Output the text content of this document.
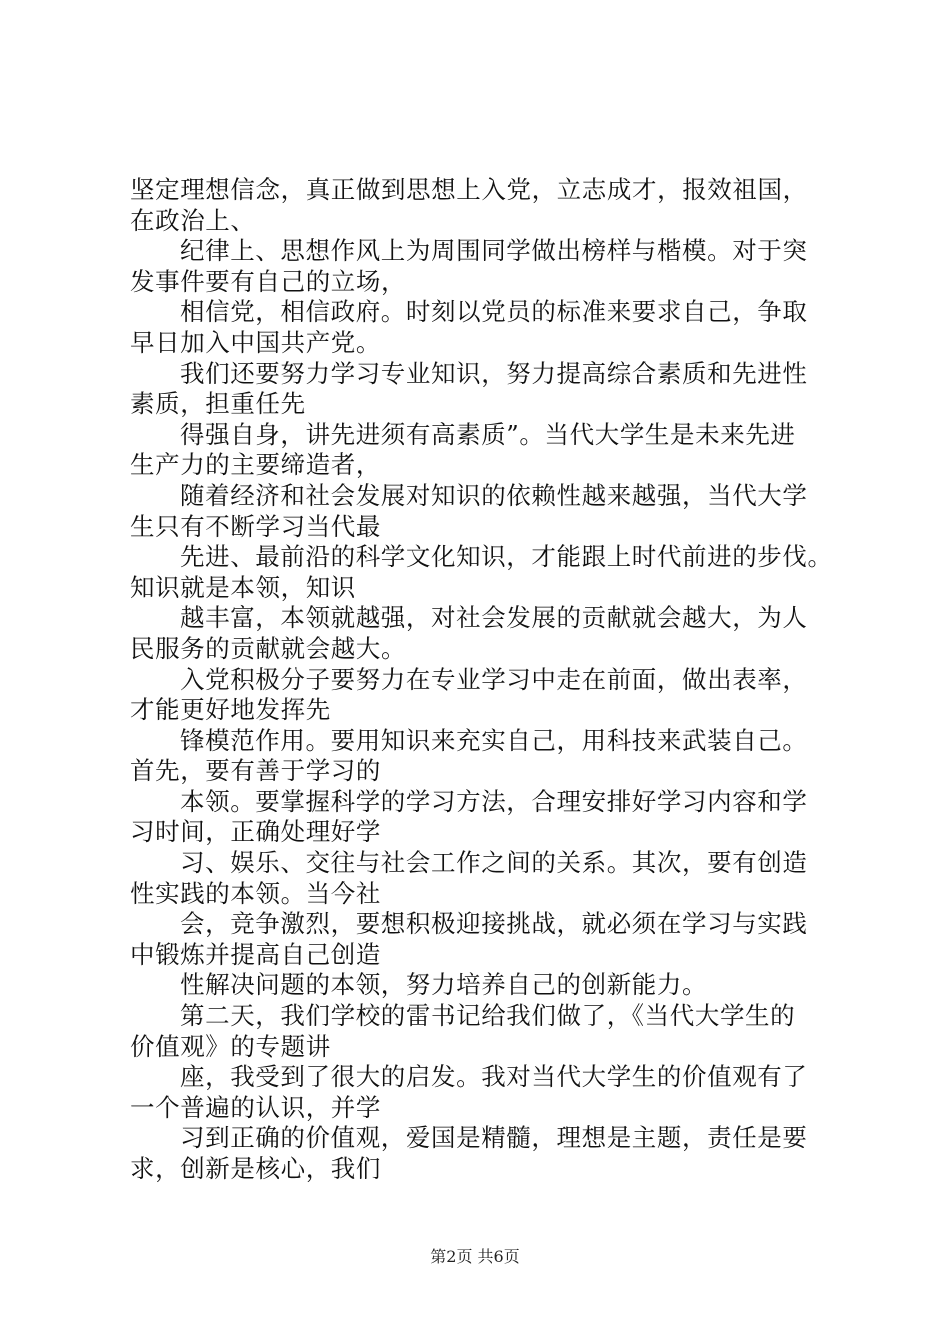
坚定理想信念，真正做到思想上入党，立志成才，报效祖国，
在政治上、
纪律上、思想作风上为周围同学做出榜样与楷模。对于突
发事件要有自己的立场，
相信党，相信政府。时刻以党员的标准来要求自己，争取
早日加入中国共产党。
我们还要努力学习专业知识，努力提高综合素质和先进性
素质，担重任先
得强自身，讲先进须有高素质”。当代大学生是未来先进
生产力的主要缔造者，
随着经济和社会发展对知识的依赖性越来越强，当代大学
生只有不断学习当代最
先进、最前沿的科学文化知识，才能跟上时代前进的步伐。
知识就是本领，知识
越丰富，本领就越强，对社会发展的贡献就会越大，为人
民服务的贡献就会越大。
入党积极分子要努力在专业学习中走在前面，做出表率，
才能更好地发挥先
锋模范作用。要用知识来充实自己，用科技来武装自己。
首先，要有善于学习的
本领。要掌握科学的学习方法，合理安排好学习内容和学
习时间，正确处理好学
习、娱乐、交往与社会工作之间的关系。其次，要有创造
性实践的本领。当今社
会，竞争激烈，要想积极迎接挑战，就必须在学习与实践
中锻炼并提高自己创造
性解决问题的本领，努力培养自己的创新能力。
第二天，我们学校的雷书记给我们做了，《当代大学生的
价值观》的专题讲
座，我受到了很大的启发。我对当代大学生的价值观有了
一个普遍的认识，并学
习到正确的价值观，爱国是精髓，理想是主题，责任是要
求，创新是核心，我们
第2页 共6页
